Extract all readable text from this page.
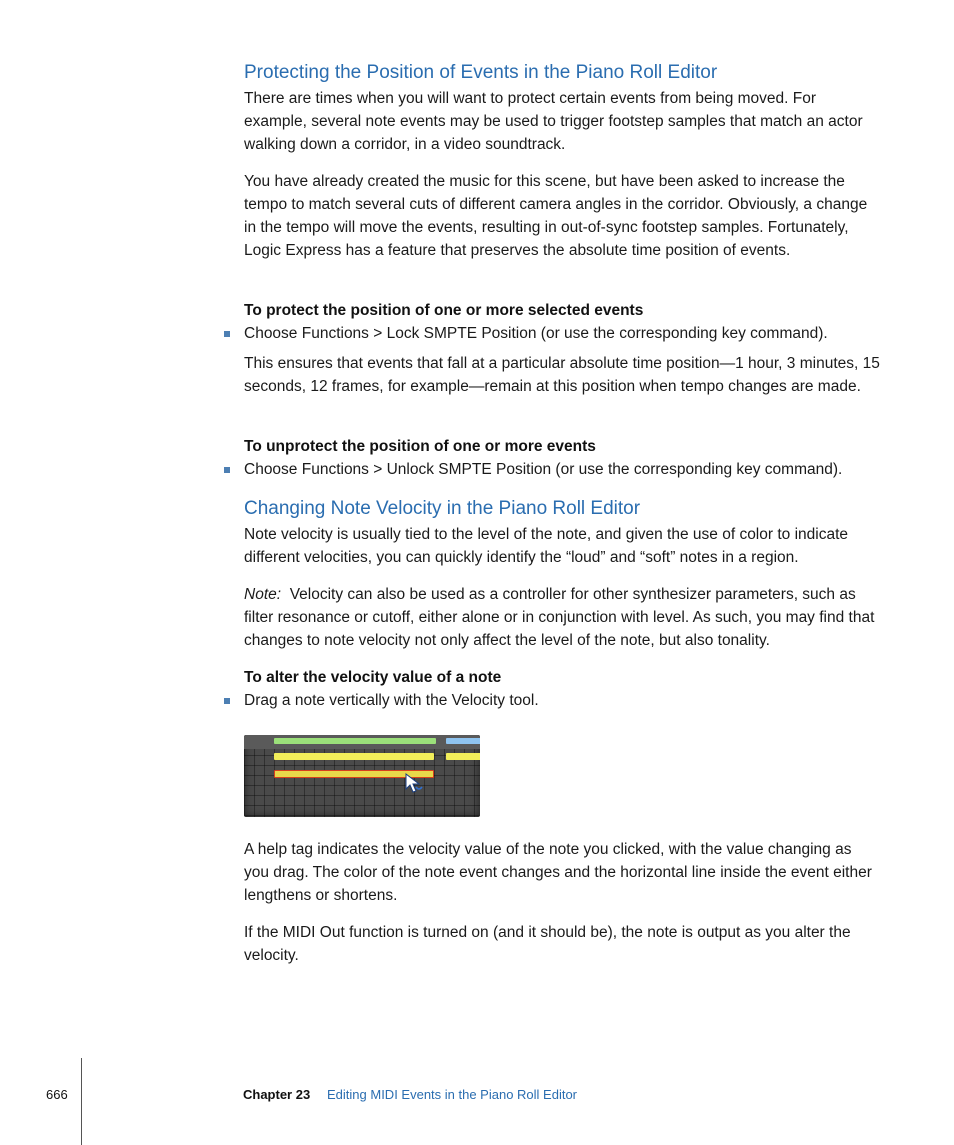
Protecting the Position of Events in the Piano Roll Editor

There are times when you will want to protect certain events from being moved. For example, several note events may be used to trigger footstep samples that match an actor walking down a corridor, in a video soundtrack.

You have already created the music for this scene, but have been asked to increase the tempo to match several cuts of different camera angles in the corridor. Obviously, a change in the tempo will move the events, resulting in out-of-sync footstep samples. Fortunately, Logic Express has a feature that preserves the absolute time position of events.

To protect the position of one or more selected events

Choose Functions > Lock SMPTE Position (or use the corresponding key command).

This ensures that events that fall at a particular absolute time position—1 hour, 3 minutes, 15 seconds, 12 frames, for example—remain at this position when tempo changes are made.

To unprotect the position of one or more events

Choose Functions > Unlock SMPTE Position (or use the corresponding key command).
Changing Note Velocity in the Piano Roll Editor

Note velocity is usually tied to the level of the note, and given the use of color to indicate different velocities, you can quickly identify the “loud” and “soft” notes in a region.

Note: Velocity can also be used as a controller for other synthesizer parameters, such as filter resonance or cutoff, either alone or in conjunction with level. As such, you may find that changes to note velocity not only affect the level of the note, but also tonality.

To alter the velocity value of a note

Drag a note vertically with the Velocity tool.

A help tag indicates the velocity value of the note you clicked, with the value changing as you drag. The color of the note event changes and the horizontal line inside the event either lengthens or shortens.

If the MIDI Out function is turned on (and it should be), the note is output as you alter the velocity.

666	Chapter 23 Editing MIDI Events in the Piano Roll Editor
